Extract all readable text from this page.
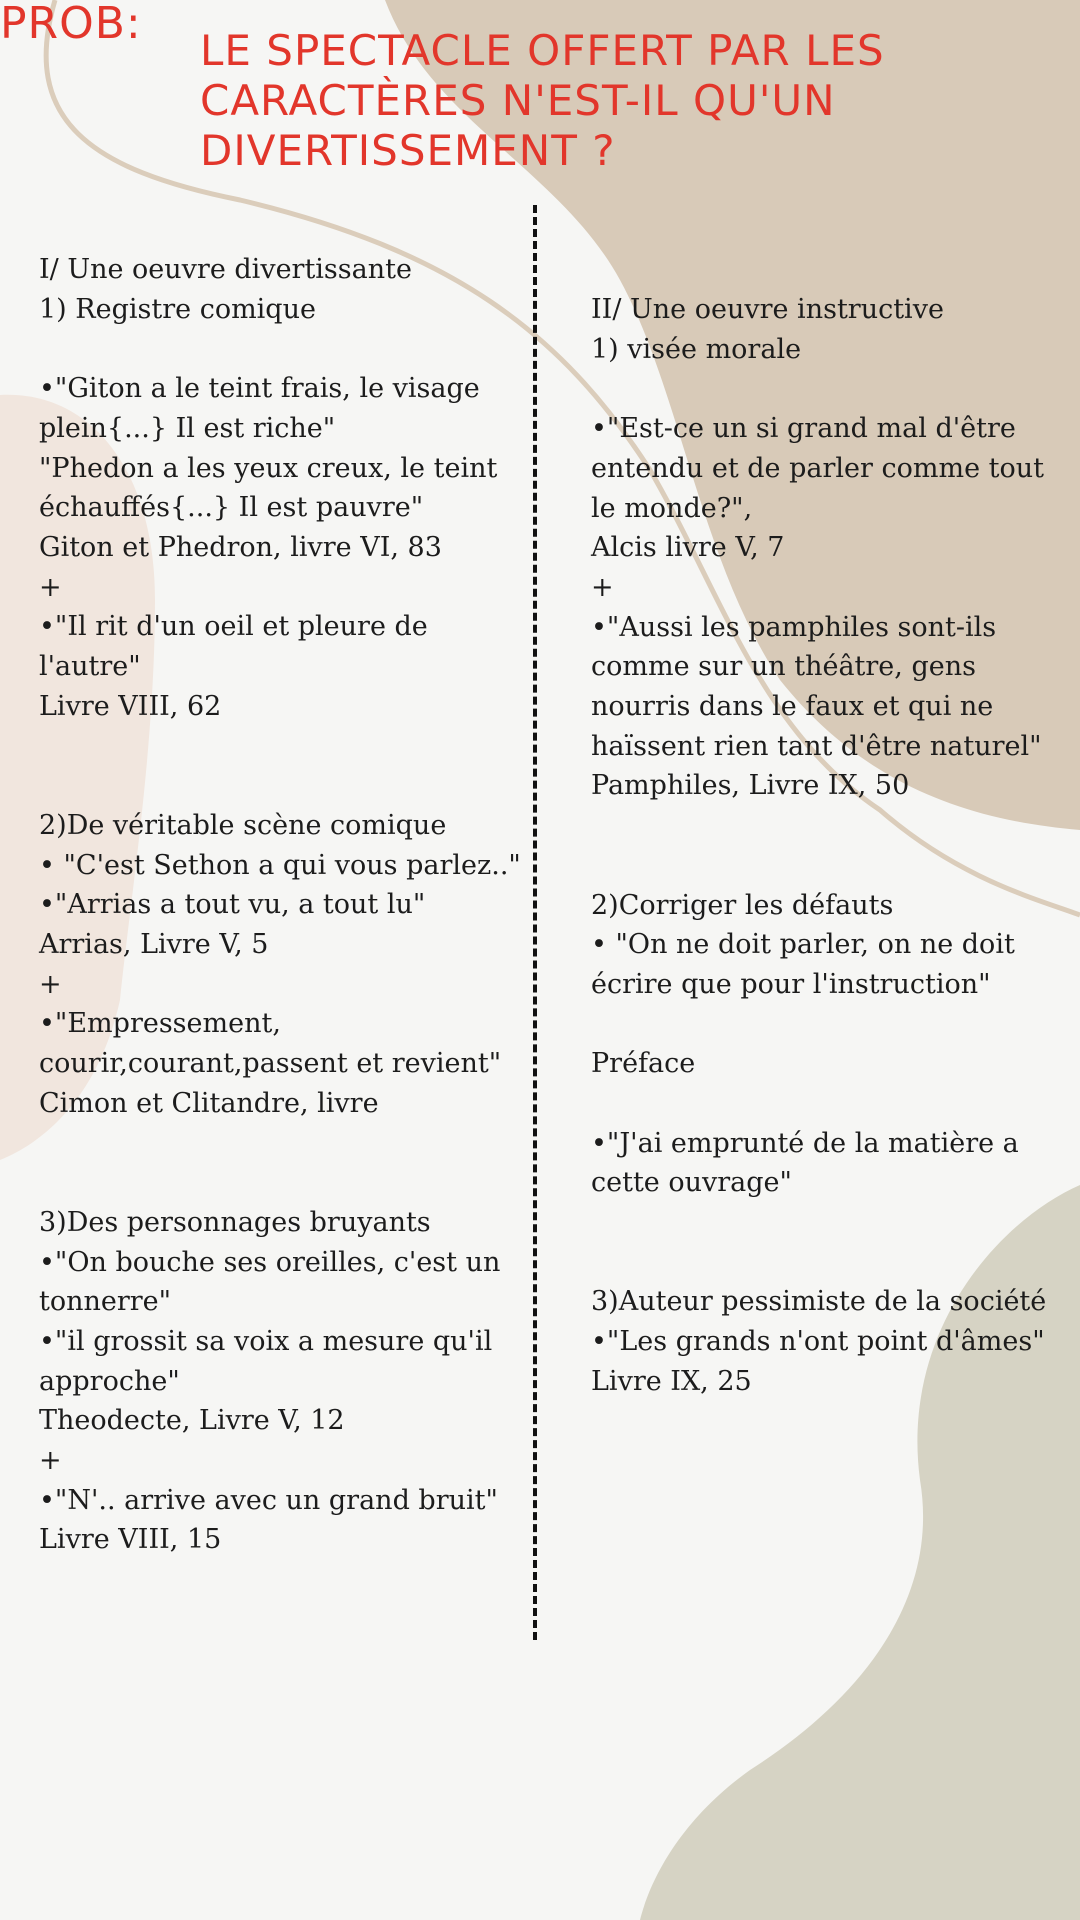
PROB:
LE SPECTACLE OFFERT PAR LES
CARACTÈRES N'EST-IL QU'UN
DIVERTISSEMENT ?
I/ Une oeuvre divertissante
1) Registre comique
•"Giton a le teint frais, le visage
plein{...} Il est riche"
"Phedon a les yeux creux, le teint
échauffés{...} Il est pauvre"
Giton et Phedron, livre VI, 83
+
•"Il rit d'un oeil et pleure de
l'autre"
Livre VIII, 62
2)De véritable scène comique
• "C'est Sethon a qui vous parlez.."
•"Arrias a tout vu, a tout lu"
Arrias, Livre V, 5
+
•"Empressement,
courir,courant,passent et revient"
Cimon et Clitandre, livre
3)Des personnages bruyants
•"On bouche ses oreilles, c'est un
tonnerre"
•"il grossit sa voix a mesure qu'il
approche"
Theodecte, Livre V, 12
+
•"N'.. arrive avec un grand bruit"
Livre VIII, 15
II/ Une oeuvre instructive
1) visée morale
•"Est-ce un si grand mal d'être
entendu et de parler comme tout
le monde?",
Alcis livre V, 7
+
•"Aussi les pamphiles sont-ils
comme sur un théâtre, gens
nourris dans le faux et qui ne
haïssent rien tant d'être naturel"
Pamphiles, Livre IX, 50
2)Corriger les défauts
• "On ne doit parler, on ne doit
écrire que pour l'instruction"
Préface
•"J'ai emprunté de la matière a
cette ouvrage"
3)Auteur pessimiste de la société
•"Les grands n'ont point d'âmes"
Livre IX, 25
